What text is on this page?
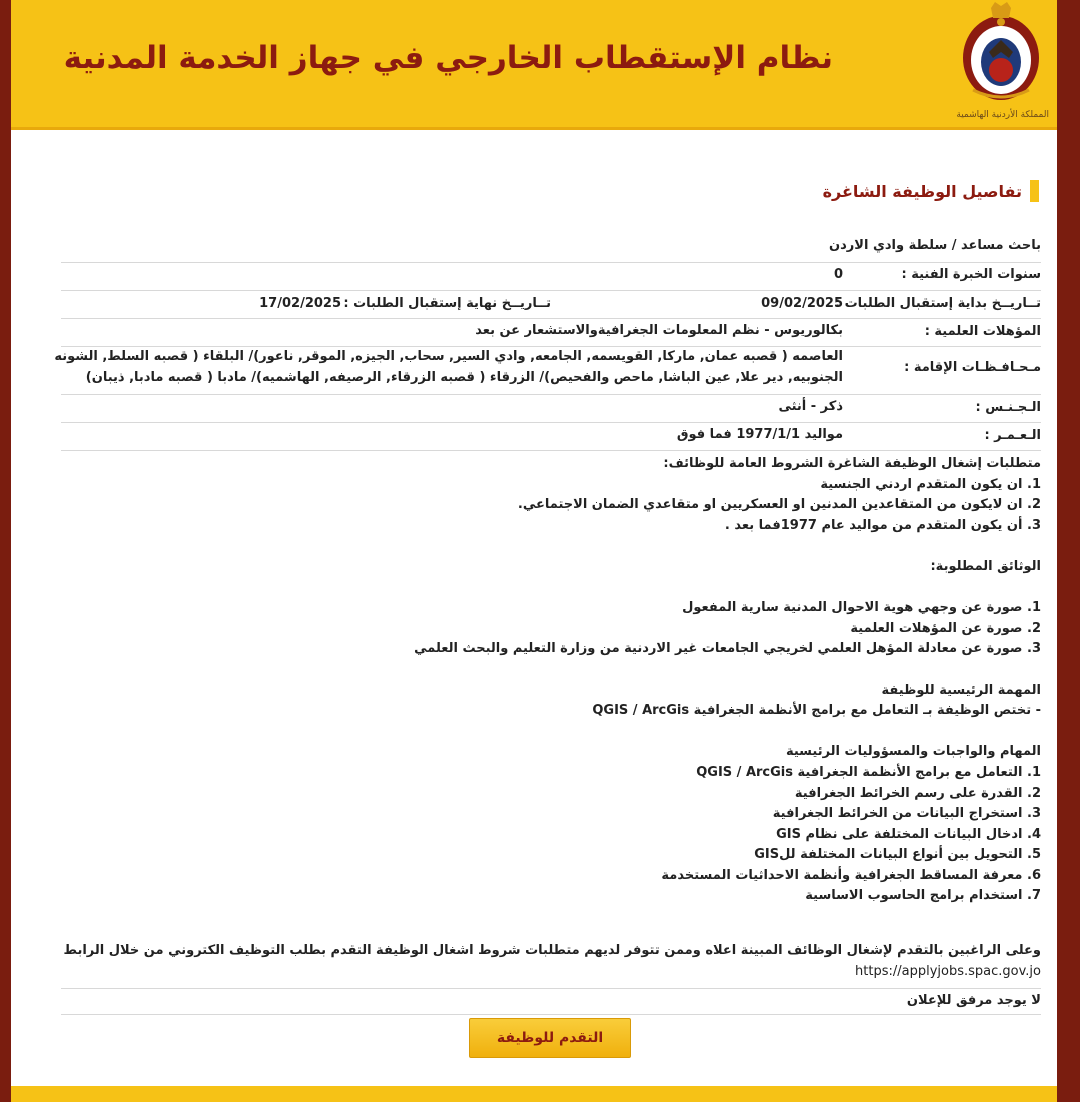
نظام الإستقطاب الخارجي في جهاز الخدمة المدنية
المملكة الأردنية الهاشمية
تفاصيل الوظيفة الشاغرة
باحث مساعد / سلطة وادي الاردن
سنوات الخبرة الفنية :
0
تــاريــخ بداية إستقبال الطلبات :
09/02/2025
تــاريــخ نهاية إستقبال الطلبات :
17/02/2025
المؤهلات العلمية :
بكالوريوس - نظم المعلومات الجغرافيةوالاستشعار عن بعد
مـحـافـظـات الإقامة :
العاصمه ( قصبه عمان, ماركا, القويسمه, الجامعه, وادي السير, سحاب, الجيزه, الموقر, ناعور)/ البلقاء ( قصبه السلط, الشونه
الجنوبيه, دير علا, عين الباشا, ماحص والفحيص)/ الزرقاء ( قصبه الزرقاء, الرصيفه, الهاشميه)/ مادبا ( قصبه مادبا, ذيبان)
الـجـنـس :
ذكر - أنثى
الـعـمـر :
مواليد 1977/1/1 فما فوق

متطلبات إشغال الوظيفة الشاغرة الشروط العامة للوظائف:

1. ان يكون المتقدم اردني الجنسية

2. ان لايكون من المتقاعدين المدنين او العسكريين او متقاعدي الضمان الاجتماعي.

3. أن يكون المتقدم من مواليد عام 1977فما بعد .

الوثائق المطلوبة:

1. صورة عن وجهي هوية الاحوال المدنية سارية المفعول

2. صورة عن المؤهلات العلمية

3. صورة عن معادلة المؤهل العلمي لخريجي الجامعات غير الاردنية من وزارة التعليم والبحث العلمي

المهمة الرئيسية للوظيفة

- تختص الوظيفة بـ التعامل مع برامج الأنظمة الجغرافية QGIS / ArcGis

المهام والواجبات والمسؤوليات الرئيسية

1. التعامل مع برامج الأنظمة الجغرافية QGIS / ArcGis

2. القدرة على رسم الخرائط الجغرافية

3. استخراج البيانات من الخرائط الجغرافية

4. ادخال البيانات المختلفة على نظام GIS

5. التحويل بين أنواع البيانات المختلفة للGIS

6. معرفة المساقط الجغرافية وأنظمة الاحداثيات المستخدمة

7. استخدام برامج الحاسوب الاساسية

وعلى الراغبين بالتقدم لإشغال الوظائف المبينة اعلاه وممن تتوفر لديهم متطلبات شروط اشغال الوظيفة التقدم بطلب التوظيف الكتروني من خلال الرابط

https://applyjobs.spac.gov.jo

لا يوجد مرفق للإعلان
التقدم للوظيفة
